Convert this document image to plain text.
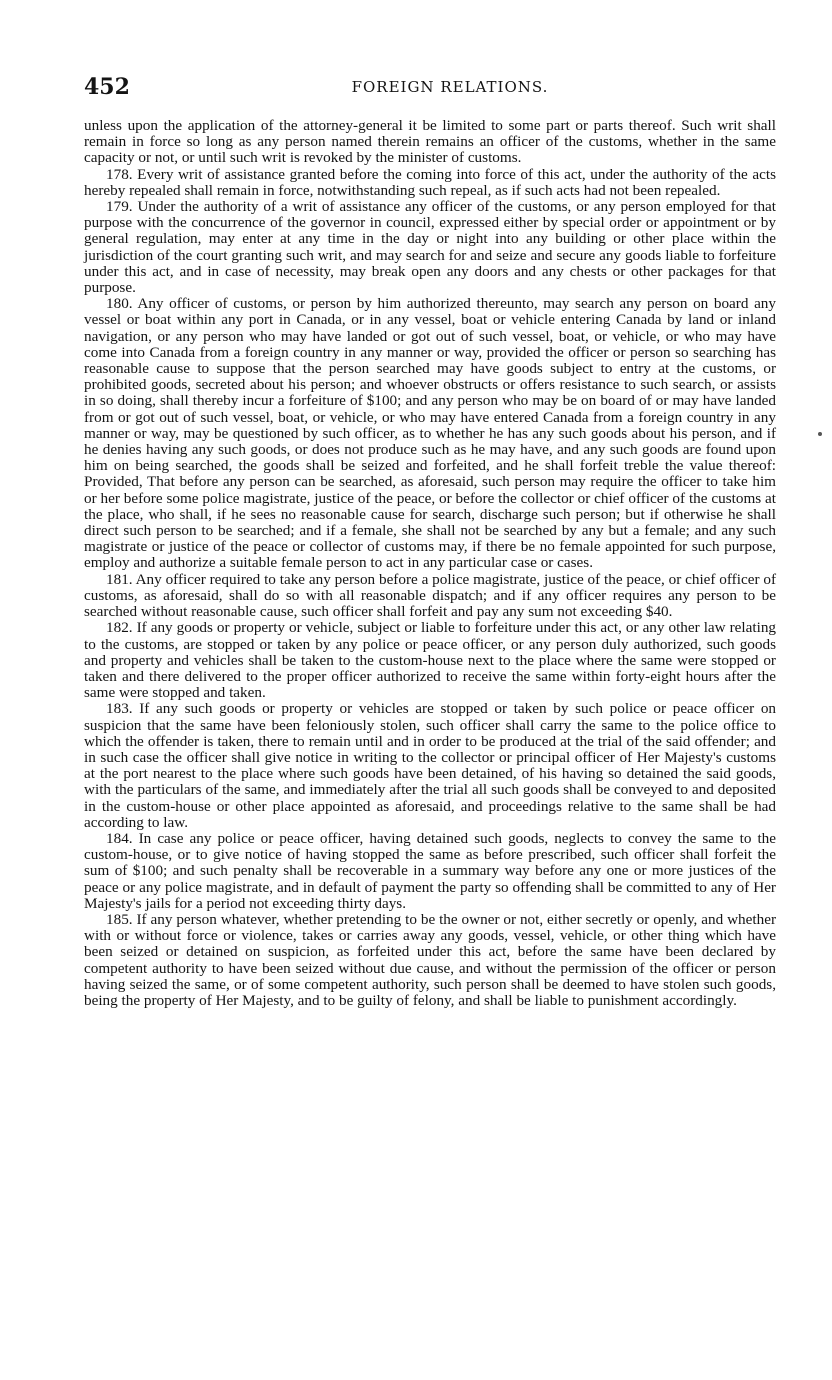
452	FOREIGN RELATIONS.

unless upon the application of the attorney-general it be limited to some part or parts thereof. Such writ shall remain in force so long as any person named therein remains an officer of the customs, whether in the same capacity or not, or until such writ is revoked by the minister of customs.

178. Every writ of assistance granted before the coming into force of this act, under the authority of the acts hereby repealed shall remain in force, notwithstanding such repeal, as if such acts had not been repealed.

179. Under the authority of a writ of assistance any officer of the customs, or any person employed for that purpose with the concurrence of the governor in council, expressed either by special order or appointment or by general regulation, may enter at any time in the day or night into any building or other place within the jurisdiction of the court granting such writ, and may search for and seize and secure any goods liable to forfeiture under this act, and in case of necessity, may break open any doors and any chests or other packages for that purpose.

180. Any officer of customs, or person by him authorized thereunto, may search any person on board any vessel or boat within any port in Canada, or in any vessel, boat or vehicle entering Canada by land or inland navigation, or any person who may have landed or got out of such vessel, boat, or vehicle, or who may have come into Canada from a foreign country in any manner or way, provided the officer or person so searching has reasonable cause to suppose that the person searched may have goods subject to entry at the customs, or prohibited goods, secreted about his person; and whoever obstructs or offers resistance to such search, or assists in so doing, shall thereby incur a forfeiture of $100; and any person who may be on board of or may have landed from or got out of such vessel, boat, or vehicle, or who may have entered Canada from a foreign country in any manner or way, may be questioned by such officer, as to whether he has any such goods about his person, and if he denies having any such goods, or does not produce such as he may have, and any such goods are found upon him on being searched, the goods shall be seized and forfeited, and he shall forfeit treble the value thereof: Provided, That before any person can be searched, as aforesaid, such person may require the officer to take him or her before some police magistrate, justice of the peace, or before the collector or chief officer of the customs at the place, who shall, if he sees no reasonable cause for search, discharge such person; but if otherwise he shall direct such person to be searched; and if a female, she shall not be searched by any but a female; and any such magistrate or justice of the peace or collector of customs may, if there be no female appointed for such purpose, employ and authorize a suitable female person to act in any particular case or cases.

181. Any officer required to take any person before a police magistrate, justice of the peace, or chief officer of customs, as aforesaid, shall do so with all reasonable dispatch; and if any officer requires any person to be searched without reasonable cause, such officer shall forfeit and pay any sum not exceeding $40.

182. If any goods or property or vehicle, subject or liable to forfeiture under this act, or any other law relating to the customs, are stopped or taken by any police or peace officer, or any person duly authorized, such goods and property and vehicles shall be taken to the custom-house next to the place where the same were stopped or taken and there delivered to the proper officer authorized to receive the same within forty-eight hours after the same were stopped and taken.

183. If any such goods or property or vehicles are stopped or taken by such police or peace officer on suspicion that the same have been feloniously stolen, such officer shall carry the same to the police office to which the offender is taken, there to remain until and in order to be produced at the trial of the said offender; and in such case the officer shall give notice in writing to the collector or principal officer of Her Majesty's customs at the port nearest to the place where such goods have been detained, of his having so detained the said goods, with the particulars of the same, and immediately after the trial all such goods shall be conveyed to and deposited in the custom-house or other place appointed as aforesaid, and proceedings relative to the same shall be had according to law.

184. In case any police or peace officer, having detained such goods, neglects to convey the same to the custom-house, or to give notice of having stopped the same as before prescribed, such officer shall forfeit the sum of $100; and such penalty shall be recoverable in a summary way before any one or more justices of the peace or any police magistrate, and in default of payment the party so offending shall be committed to any of Her Majesty's jails for a period not exceeding thirty days.

185. If any person whatever, whether pretending to be the owner or not, either secretly or openly, and whether with or without force or violence, takes or carries away any goods, vessel, vehicle, or other thing which have been seized or detained on suspicion, as forfeited under this act, before the same have been declared by competent authority to have been seized without due cause, and without the permission of the officer or person having seized the same, or of some competent authority, such person shall be deemed to have stolen such goods, being the property of Her Majesty, and to be guilty of felony, and shall be liable to punishment accordingly.
